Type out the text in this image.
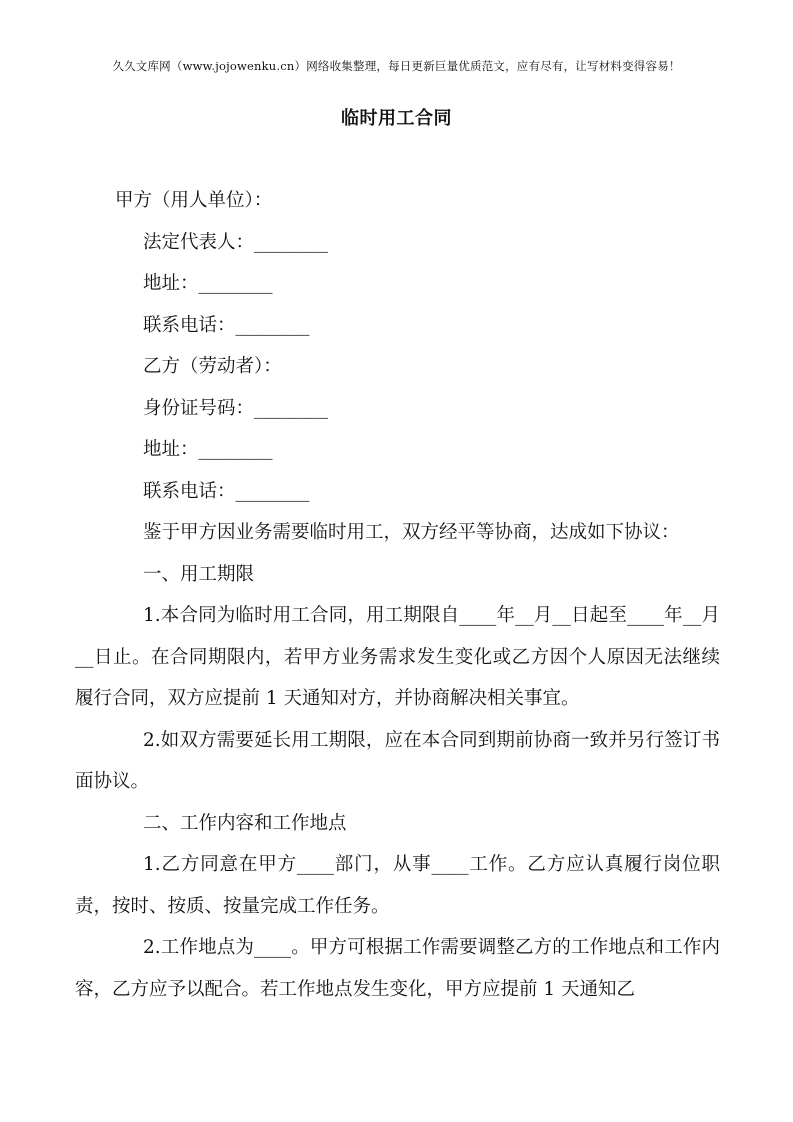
久久文库网（www.jojowenku.cn）网络收集整理，每日更新巨量优质范文，应有尽有，让写材料变得容易！
临时用工合同
甲方（用人单位）：
法定代表人：________
地址：________
联系电话：________
乙方（劳动者）：
身份证号码：________
地址：________
联系电话：________
鉴于甲方因业务需要临时用工，双方经平等协商，达成如下协议：
一、用工期限
1.本合同为临时用工合同，用工期限自____年__月__日起至____年__月__日止。在合同期限内，若甲方业务需求发生变化或乙方因个人原因无法继续履行合同，双方应提前 1 天通知对方，并协商解决相关事宜。
2.如双方需要延长用工期限，应在本合同到期前协商一致并另行签订书面协议。
二、工作内容和工作地点
1.乙方同意在甲方____部门，从事____工作。乙方应认真履行岗位职责，按时、按质、按量完成工作任务。
2.工作地点为____。甲方可根据工作需要调整乙方的工作地点和工作内容，乙方应予以配合。若工作地点发生变化，甲方应提前 1 天通知乙
